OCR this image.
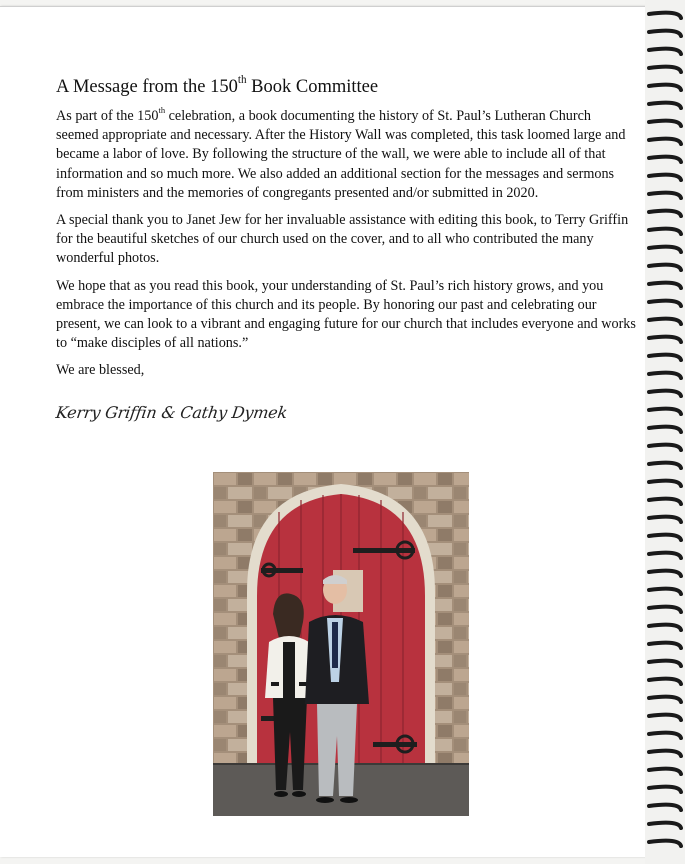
A Message from the 150th Book Committee

As part of the 150th celebration, a book documenting the history of St. Paul’s Lutheran Church seemed appropriate and necessary. After the History Wall was completed, this task loomed large and became a labor of love. By following the structure of the wall, we were able to include all of that information and so much more. We also added an additional section for the messages and sermons from ministers and the memories of congregants presented and/or submitted in 2020.

A special thank you to Janet Jew for her invaluable assistance with editing this book, to Terry Griffin for the beautiful sketches of our church used on the cover, and to all who contributed the many wonderful photos.

We hope that as you read this book, your understanding of St. Paul’s rich history grows, and you embrace the importance of this church and its people. By honoring our past and celebrating our present, we can look to a vibrant and engaging future for our church that includes everyone and works to “make disciples of all nations.”

We are blessed,

Kerry Griffin & Cathy Dymek
